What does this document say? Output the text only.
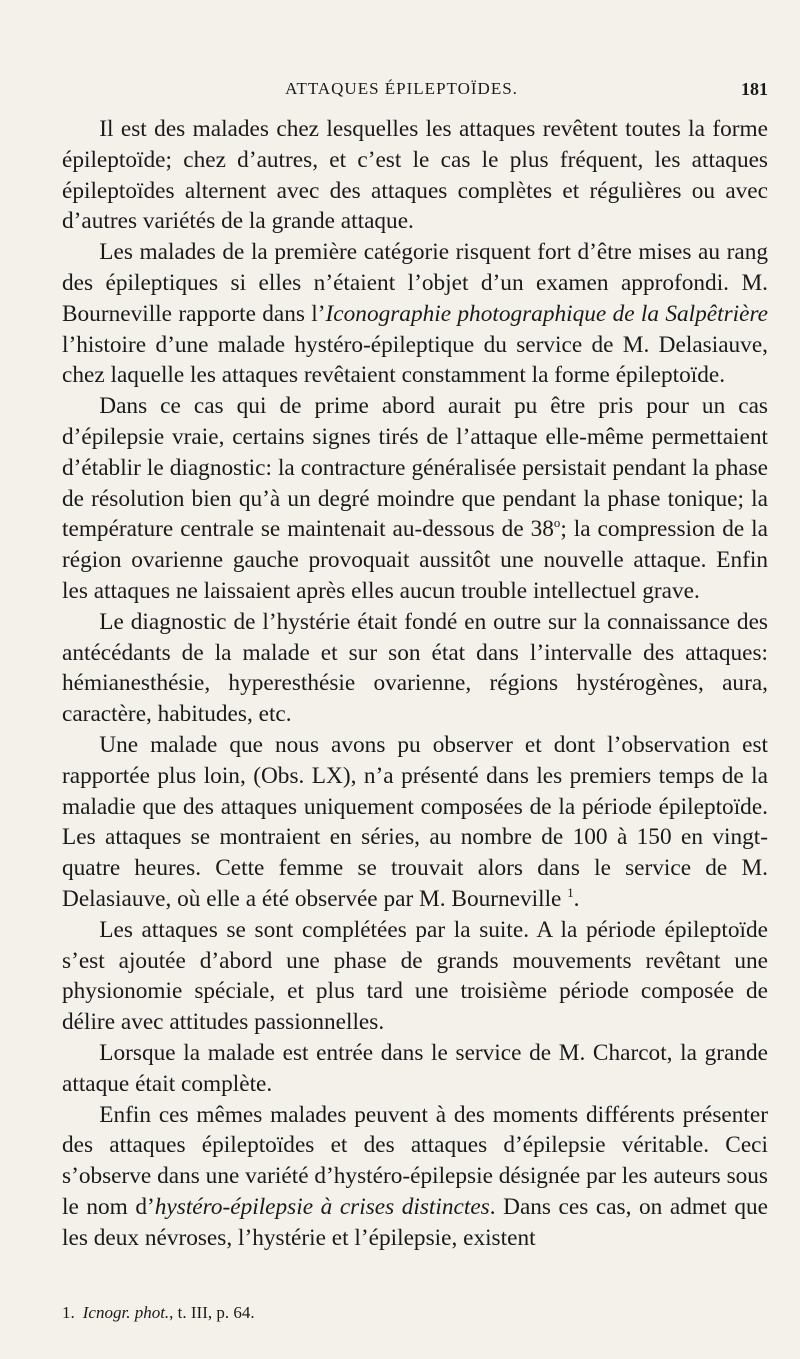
ATTAQUES ÉPILEPTOÏDES.	181

Il est des malades chez lesquelles les attaques revêtent toutes la forme épileptoïde; chez d’autres, et c’est le cas le plus fréquent, les attaques épileptoïdes alternent avec des attaques complètes et régulières ou avec d’autres variétés de la grande attaque.

Les malades de la première catégorie risquent fort d’être mises au rang des épileptiques si elles n’étaient l’objet d’un examen approfondi. M. Bourneville rapporte dans l’Iconographie photographique de la Salpêtrière l’histoire d’une malade hystéro-épileptique du service de M. Delasiauve, chez laquelle les attaques revêtaient constamment la forme épileptoïde.

Dans ce cas qui de prime abord aurait pu être pris pour un cas d’épilepsie vraie, certains signes tirés de l’attaque elle-même permettaient d’établir le diagnostic: la contracture généralisée persistait pendant la phase de résolution bien qu’à un degré moindre que pendant la phase tonique; la température centrale se maintenait au-dessous de 38$^o$; la compression de la région ovarienne gauche provoquait aussitôt une nouvelle attaque. Enfin les attaques ne laissaient après elles aucun trouble intellectuel grave.

Le diagnostic de l’hystérie était fondé en outre sur la connaissance des antécédants de la malade et sur son état dans l’intervalle des attaques: hémianesthésie, hyperesthésie ovarienne, régions hystérogènes, aura, caractère, habitudes, etc.

Une malade que nous avons pu observer et dont l’observation est rapportée plus loin, (Obs. LX), n’a présenté dans les premiers temps de la maladie que des attaques uniquement composées de la période épileptoïde. Les attaques se montraient en séries, au nombre de 100 à 150 en vingt-quatre heures. Cette femme se trouvait alors dans le service de M. Delasiauve, où elle a été observée par M. Bourneville $^1$.

Les attaques se sont complétées par la suite. A la période épileptoïde s’est ajoutée d’abord une phase de grands mouvements revêtant une physionomie spéciale, et plus tard une troisième période composée de délire avec attitudes passionnelles.

Lorsque la malade est entrée dans le service de M. Charcot, la grande attaque était complète.

Enfin ces mêmes malades peuvent à des moments différents présenter des attaques épileptoïdes et des attaques d’épilepsie véritable. Ceci s’observe dans une variété d’hystéro-épilepsie désignée par les auteurs sous le nom d’hystéro-épilepsie à crises distinctes. Dans ces cas, on admet que les deux névroses, l’hystérie et l’épilepsie, existent

1. Icnogr. phot., t. III, p. 64.
